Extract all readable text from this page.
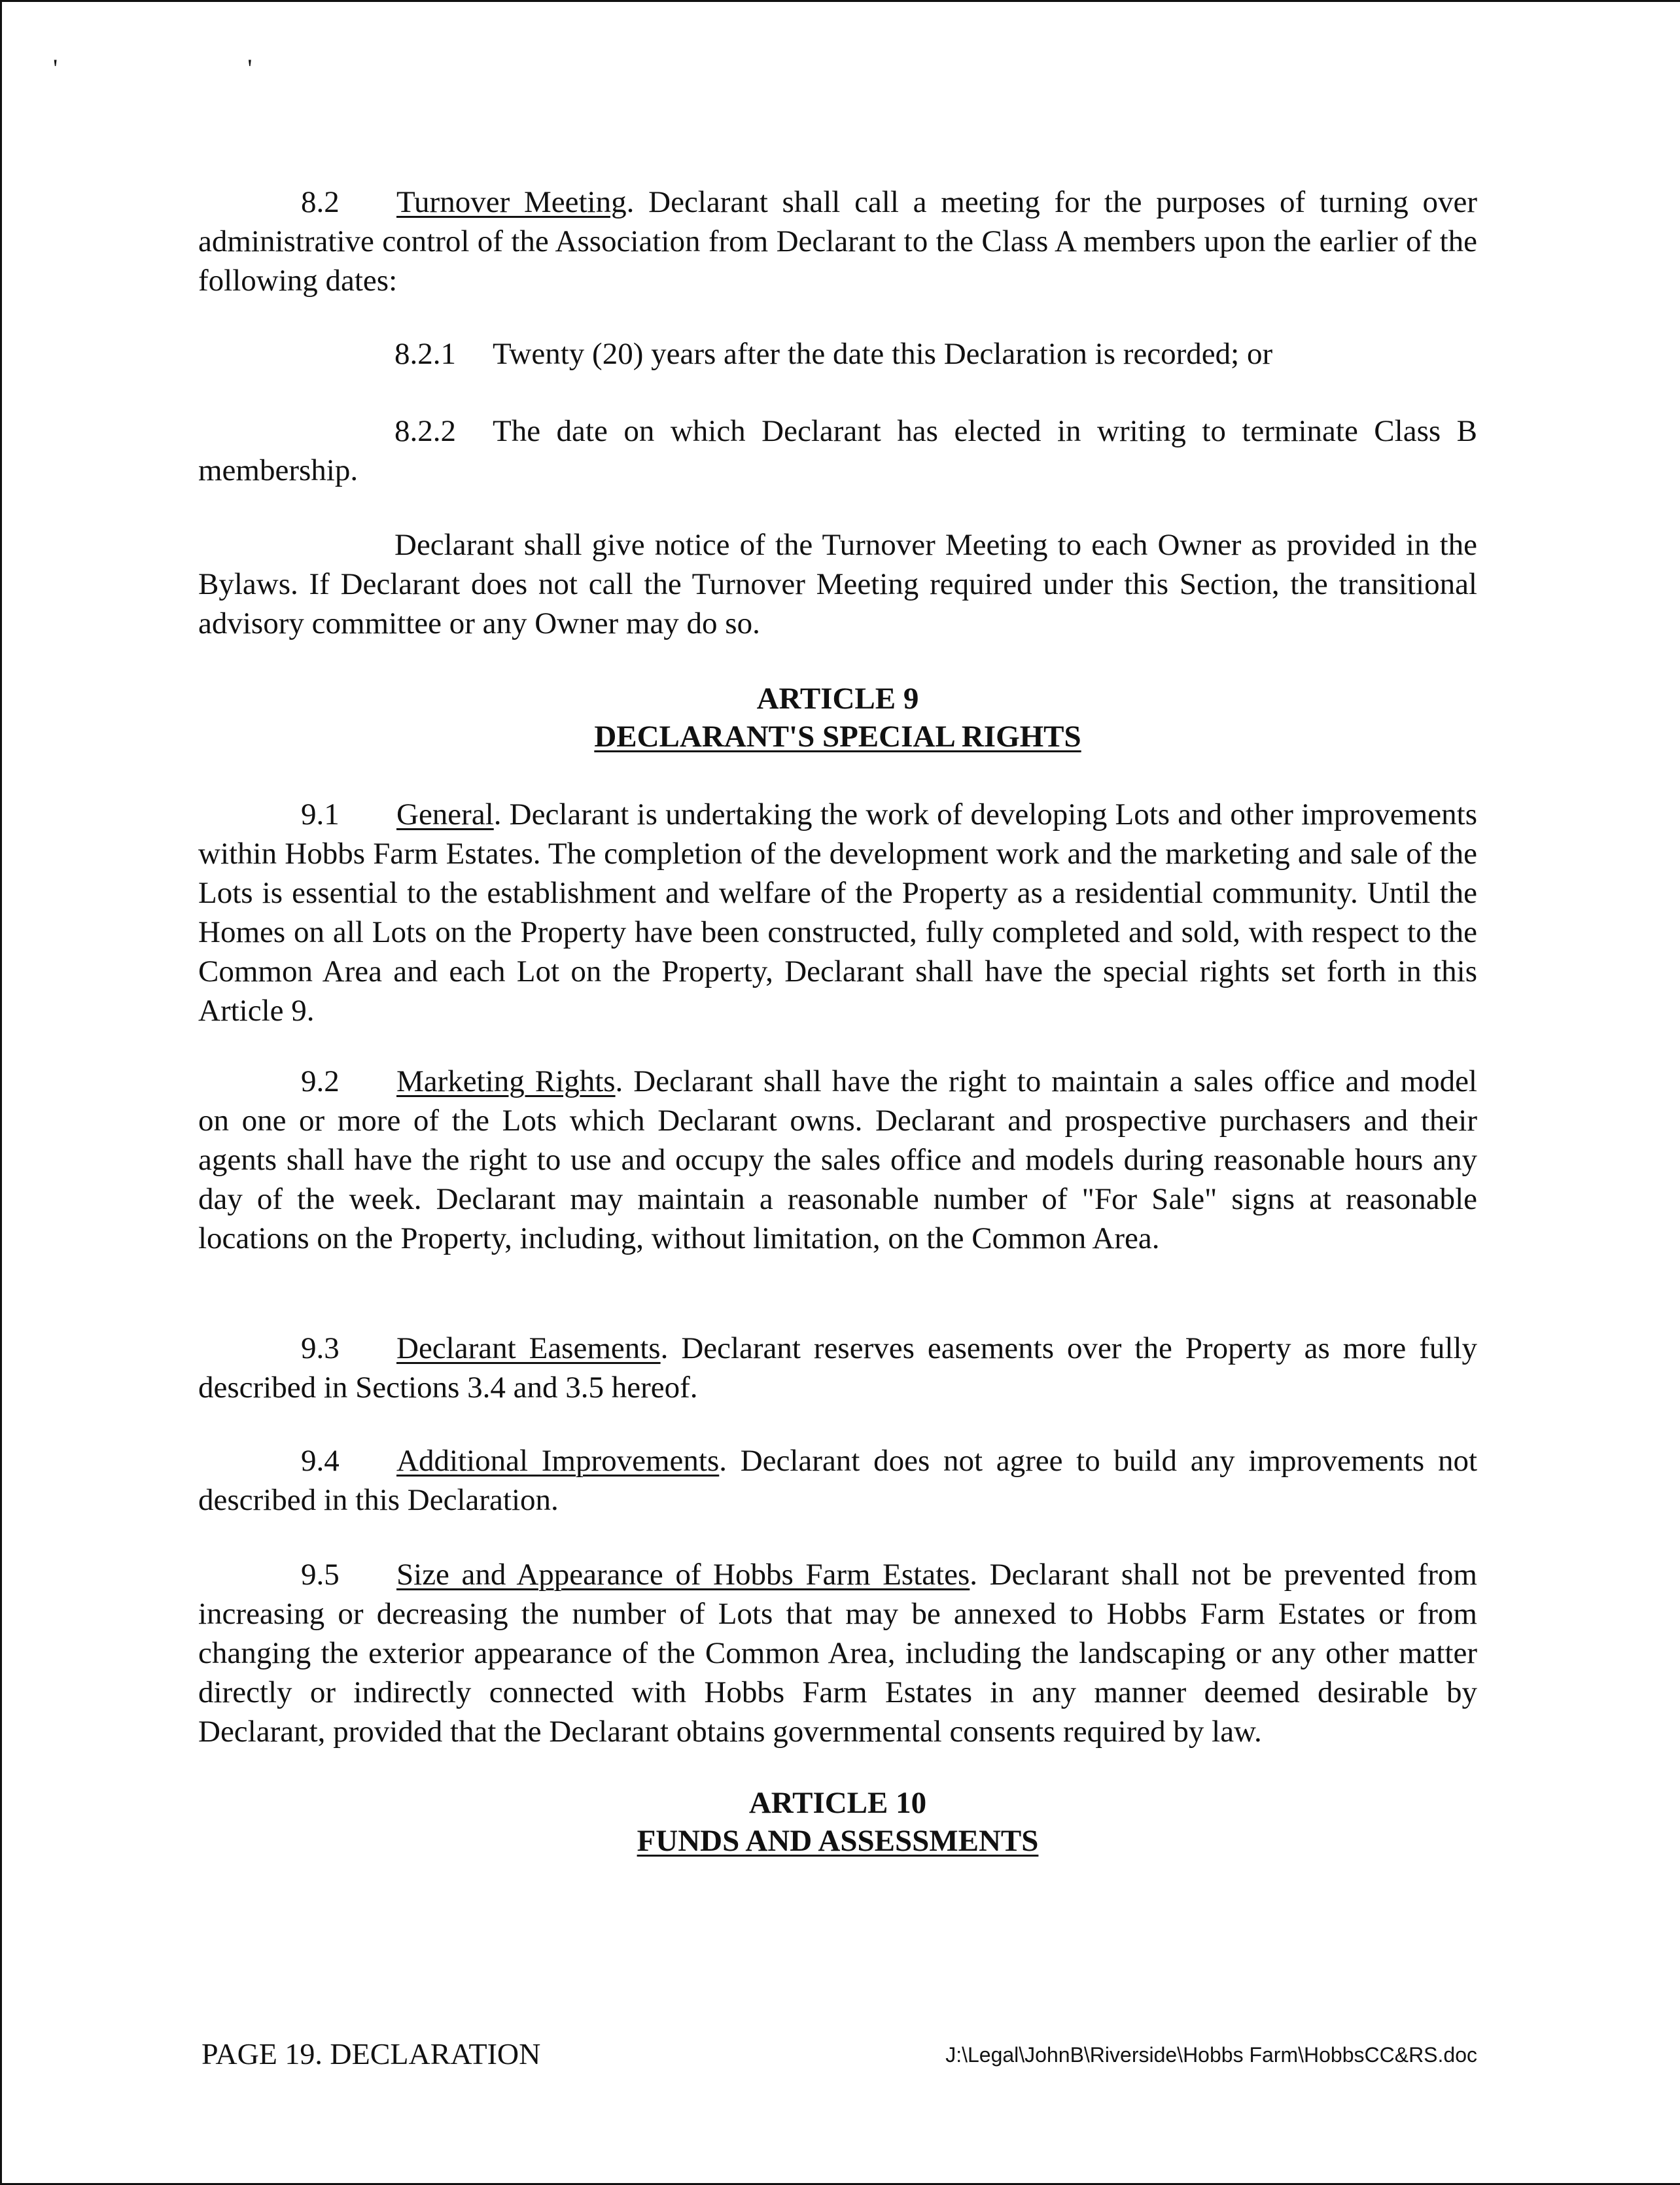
' '
8.2 Turnover Meeting. Declarant shall call a meeting for the purposes of turning over administrative control of the Association from Declarant to the Class A members upon the earlier of the following dates:
8.2.1 Twenty (20) years after the date this Declaration is recorded; or
8.2.2 The date on which Declarant has elected in writing to terminate Class B
membership.
Declarant shall give notice of the Turnover Meeting to each Owner as provided in the Bylaws. If Declarant does not call the Turnover Meeting required under this Section, the transitional advisory committee or any Owner may do so.
ARTICLE 9
DECLARANT'S SPECIAL RIGHTS
9.1 General. Declarant is undertaking the work of developing Lots and other improvements within Hobbs Farm Estates. The completion of the development work and the marketing and sale of the Lots is essential to the establishment and welfare of the Property as a residential community. Until the Homes on all Lots on the Property have been constructed, fully completed and sold, with respect to the Common Area and each Lot on the Property, Declarant shall have the special rights set forth in this Article 9.
9.2 Marketing Rights. Declarant shall have the right to maintain a sales office and model on one or more of the Lots which Declarant owns. Declarant and prospective purchasers and their agents shall have the right to use and occupy the sales office and models during reasonable hours any day of the week. Declarant may maintain a reasonable number of "For Sale" signs at reasonable locations on the Property, including, without limitation, on the Common Area.
9.3 Declarant Easements. Declarant reserves easements over the Property as more fully described in Sections 3.4 and 3.5 hereof.
9.4 Additional Improvements. Declarant does not agree to build any improvements not described in this Declaration.
9.5 Size and Appearance of Hobbs Farm Estates. Declarant shall not be prevented from increasing or decreasing the number of Lots that may be annexed to Hobbs Farm Estates or from changing the exterior appearance of the Common Area, including the landscaping or any other matter directly or indirectly connected with Hobbs Farm Estates in any manner deemed desirable by Declarant, provided that the Declarant obtains governmental consents required by law.
ARTICLE 10
FUNDS AND ASSESSMENTS
PAGE 19. DECLARATION	J:\Legal\JohnB\Riverside\Hobbs Farm\HobbsCC&RS.doc
